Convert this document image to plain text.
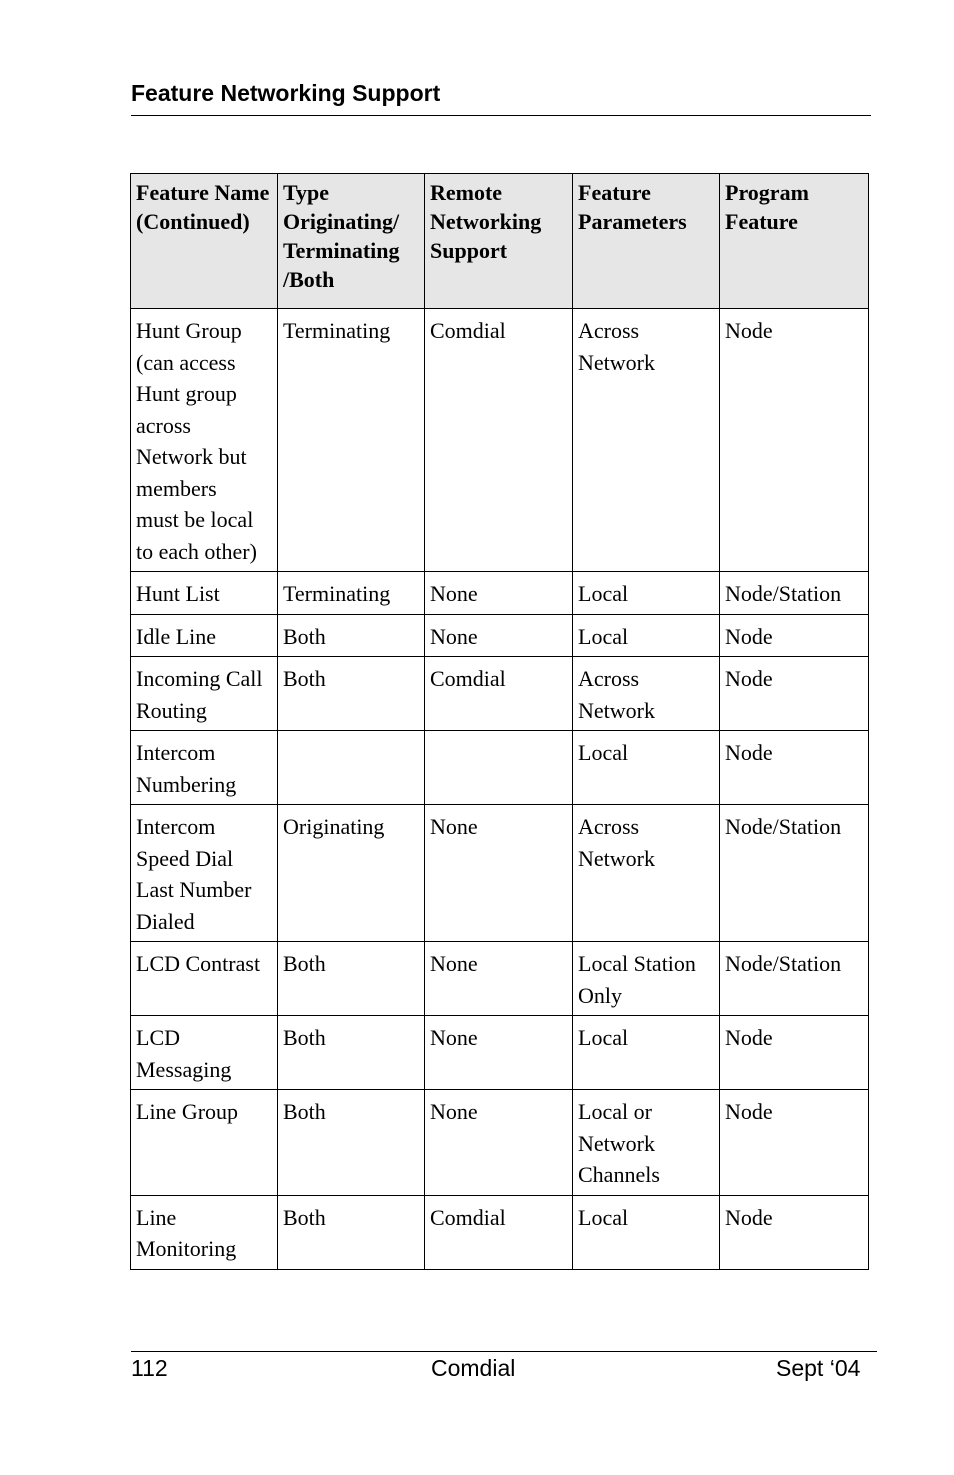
Feature Networking Support
Feature Name (Continued)	Type Originating/ Terminating /Both	Remote Networking Support	Feature Parameters	Program Feature
Hunt Group (can access Hunt group across Network but members must be local to each other)	Terminating	Comdial	Across Network	Node
Hunt List	Terminating	None	Local	Node/Station
Idle Line	Both	None	Local	Node
Incoming Call Routing	Both	Comdial	Across Network	Node
Intercom Numbering			Local	Node
Intercom Speed Dial Last Number Dialed	Originating	None	Across Network	Node/Station
LCD Contrast	Both	None	Local Station Only	Node/Station
LCD Messaging	Both	None	Local	Node
Line Group	Both	None	Local or Network Channels	Node
Line Monitoring	Both	Comdial	Local	Node
112	Comdial	Sept ‘04
